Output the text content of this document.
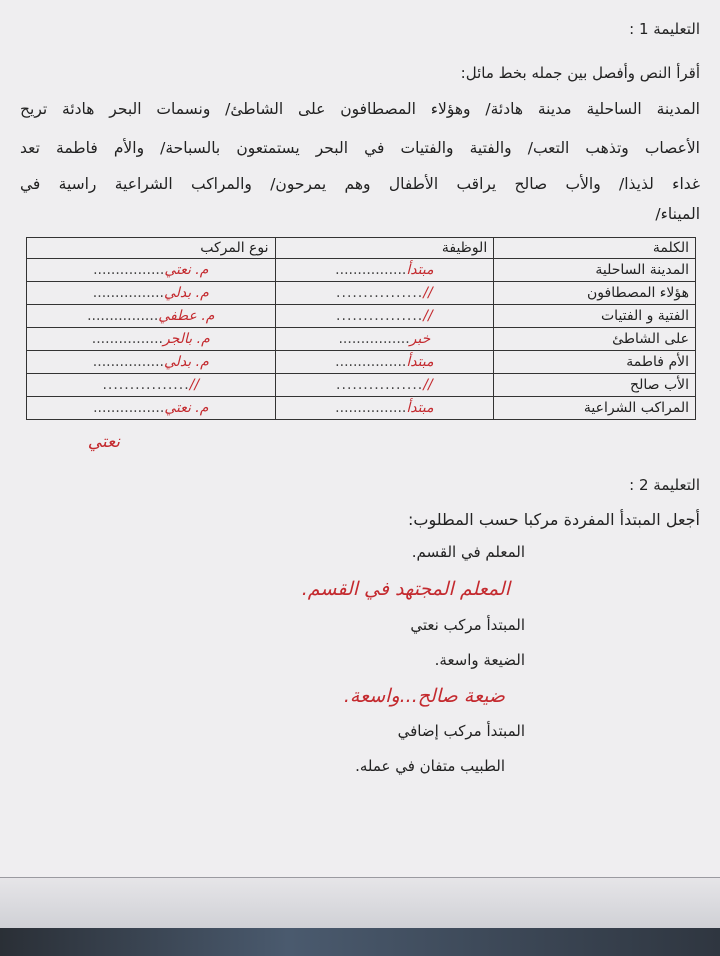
التعليمة 1 :
أقرأ النص وأفصل بين جمله بخط مائل:
المدينة الساحلية مدينة هادئة/ وهؤلاء المصطافون على الشاطئ/ ونسمات البحر هادئة تريح
الأعصاب وتذهب التعب/ والفتية والفتيات في البحر يستمتعون بالسباحة/ والأم فاطمة تعد
غداء لذيذا/ والأب صالح يراقب الأطفال وهم يمرحون/ والمراكب الشراعية راسية في
الميناء/
الكلمة	الوظيفة	نوع المركب
المدينة الساحلية	مبتدأ................	م. نعتي................
هؤلاء المصطافون	//................	م. بدلي................
الفتية و الفتيات	//................	م. عطفي................
على الشاطئ	خبر................	م. بالجر................
الأم فاطمة	مبتدأ................	م. بدلي................
الأب صالح	//................	//................
المراكب الشراعية	مبتدأ................	م. نعتي................
نعتي
التعليمة 2 :
أجعل المبتدأ المفردة مركبا حسب المطلوب:
المعلم في القسم.
المعلم المجتهد في القسم.
المبتدأ مركب نعتي
الضيعة واسعة.
ضيعة صالح...واسعة.
المبتدأ مركب إضافي
الطبيب متفان في عمله.
